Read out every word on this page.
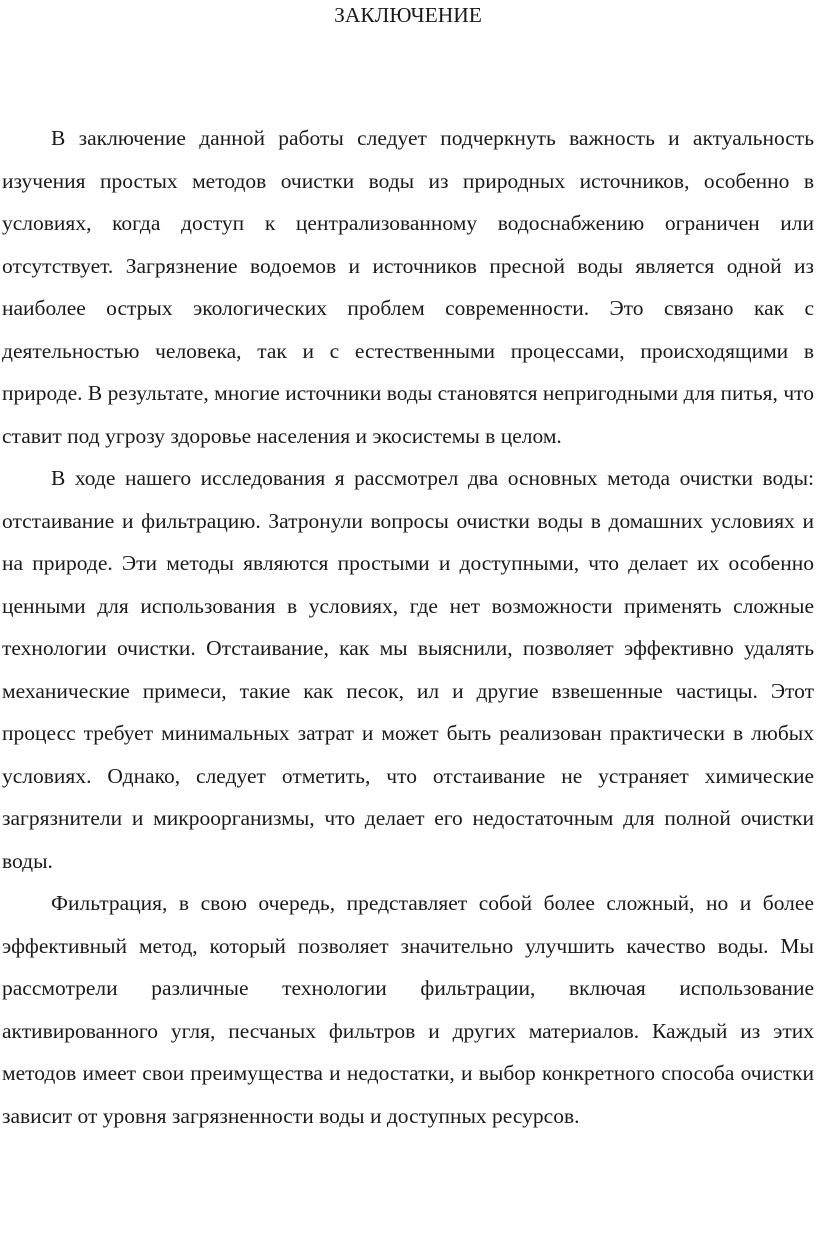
ЗАКЛЮЧЕНИЕ

В заключение данной работы следует подчеркнуть важность и актуальность изучения простых методов очистки воды из природных источников, особенно в условиях, когда доступ к централизованному водоснабжению ограничен или отсутствует. Загрязнение водоемов и источников пресной воды является одной из наиболее острых экологических проблем современности. Это связано как с деятельностью человека, так и с естественными процессами, происходящими в природе. В результате, многие источники воды становятся непригодными для питья, что ставит под угрозу здоровье населения и экосистемы в целом.

В ходе нашего исследования я рассмотрел два основных метода очистки воды: отстаивание и фильтрацию. Затронули вопросы очистки воды в домашних условиях и на природе. Эти методы являются простыми и доступными, что делает их особенно ценными для использования в условиях, где нет возможности применять сложные технологии очистки. Отстаивание, как мы выяснили, позволяет эффективно удалять механические примеси, такие как песок, ил и другие взвешенные частицы. Этот процесс требует минимальных затрат и может быть реализован практически в любых условиях. Однако, следует отметить, что отстаивание не устраняет химические загрязнители и микроорганизмы, что делает его недостаточным для полной очистки воды.

Фильтрация, в свою очередь, представляет собой более сложный, но и более эффективный метод, который позволяет значительно улучшить качество воды. Мы рассмотрели различные технологии фильтрации, включая использование активированного угля, песчаных фильтров и других материалов. Каждый из этих методов имеет свои преимущества и недостатки, и выбор конкретного способа очистки зависит от уровня загрязненности воды и доступных ресурсов.
